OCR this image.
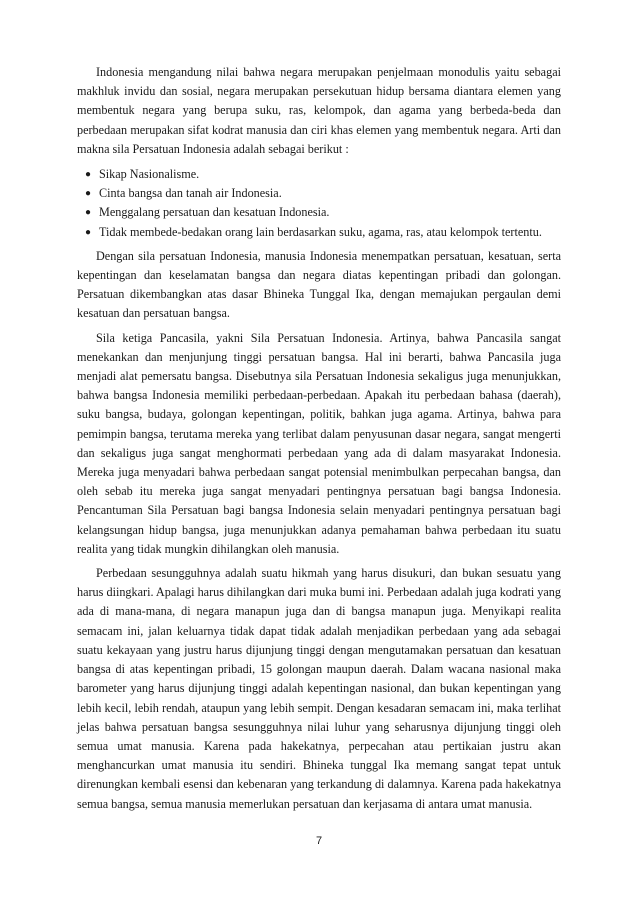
Indonesia mengandung nilai bahwa negara merupakan penjelmaan monodulis yaitu sebagai makhluk invidu dan sosial, negara merupakan persekutuan hidup bersama diantara elemen yang membentuk negara yang berupa suku, ras, kelompok, dan agama yang berbeda-beda dan perbedaan merupakan sifat kodrat manusia dan ciri khas elemen yang membentuk negara. Arti dan makna sila Persatuan Indonesia adalah sebagai berikut :

● Sikap Nasionalisme.
● Cinta bangsa dan tanah air Indonesia.
● Menggalang persatuan dan kesatuan Indonesia.
● Tidak membede-bedakan orang lain berdasarkan suku, agama, ras, atau kelompok tertentu.

Dengan sila persatuan Indonesia, manusia Indonesia menempatkan persatuan, kesatuan, serta kepentingan dan keselamatan bangsa dan negara diatas kepentingan pribadi dan golongan. Persatuan dikembangkan atas dasar Bhineka Tunggal Ika, dengan memajukan pergaulan demi kesatuan dan persatuan bangsa.

Sila ketiga Pancasila, yakni Sila Persatuan Indonesia. Artinya, bahwa Pancasila sangat menekankan dan menjunjung tinggi persatuan bangsa. Hal ini berarti, bahwa Pancasila juga menjadi alat pemersatu bangsa. Disebutnya sila Persatuan Indonesia sekaligus juga menunjukkan, bahwa bangsa Indonesia memiliki perbedaan-perbedaan. Apakah itu perbedaan bahasa (daerah), suku bangsa, budaya, golongan kepentingan, politik, bahkan juga agama. Artinya, bahwa para pemimpin bangsa, terutama mereka yang terlibat dalam penyusunan dasar negara, sangat mengerti dan sekaligus juga sangat menghormati perbedaan yang ada di dalam masyarakat Indonesia. Mereka juga menyadari bahwa perbedaan sangat potensial menimbulkan perpecahan bangsa, dan oleh sebab itu mereka juga sangat menyadari pentingnya persatuan bagi bangsa Indonesia. Pencantuman Sila Persatuan bagi bangsa Indonesia selain menyadari pentingnya persatuan bagi kelangsungan hidup bangsa, juga menunjukkan adanya pemahaman bahwa perbedaan itu suatu realita yang tidak mungkin dihilangkan oleh manusia.

Perbedaan sesungguhnya adalah suatu hikmah yang harus disukuri, dan bukan sesuatu yang harus diingkari. Apalagi harus dihilangkan dari muka bumi ini. Perbedaan adalah juga kodrati yang ada di mana-mana, di negara manapun juga dan di bangsa manapun juga. Menyikapi realita semacam ini, jalan keluarnya tidak dapat tidak adalah menjadikan perbedaan yang ada sebagai suatu kekayaan yang justru harus dijunjung tinggi dengan mengutamakan persatuan dan kesatuan bangsa di atas kepentingan pribadi, 15 golongan maupun daerah. Dalam wacana nasional maka barometer yang harus dijunjung tinggi adalah kepentingan nasional, dan bukan kepentingan yang lebih kecil, lebih rendah, ataupun yang lebih sempit. Dengan kesadaran semacam ini, maka terlihat jelas bahwa persatuan bangsa sesungguhnya nilai luhur yang seharusnya dijunjung tinggi oleh semua umat manusia. Karena pada hakekatnya, perpecahan atau pertikaian justru akan menghancurkan umat manusia itu sendiri. Bhineka tunggal Ika memang sangat tepat untuk direnungkan kembali esensi dan kebenaran yang terkandung di dalamnya. Karena pada hakekatnya semua bangsa, semua manusia memerlukan persatuan dan kerjasama di antara umat manusia.

7
